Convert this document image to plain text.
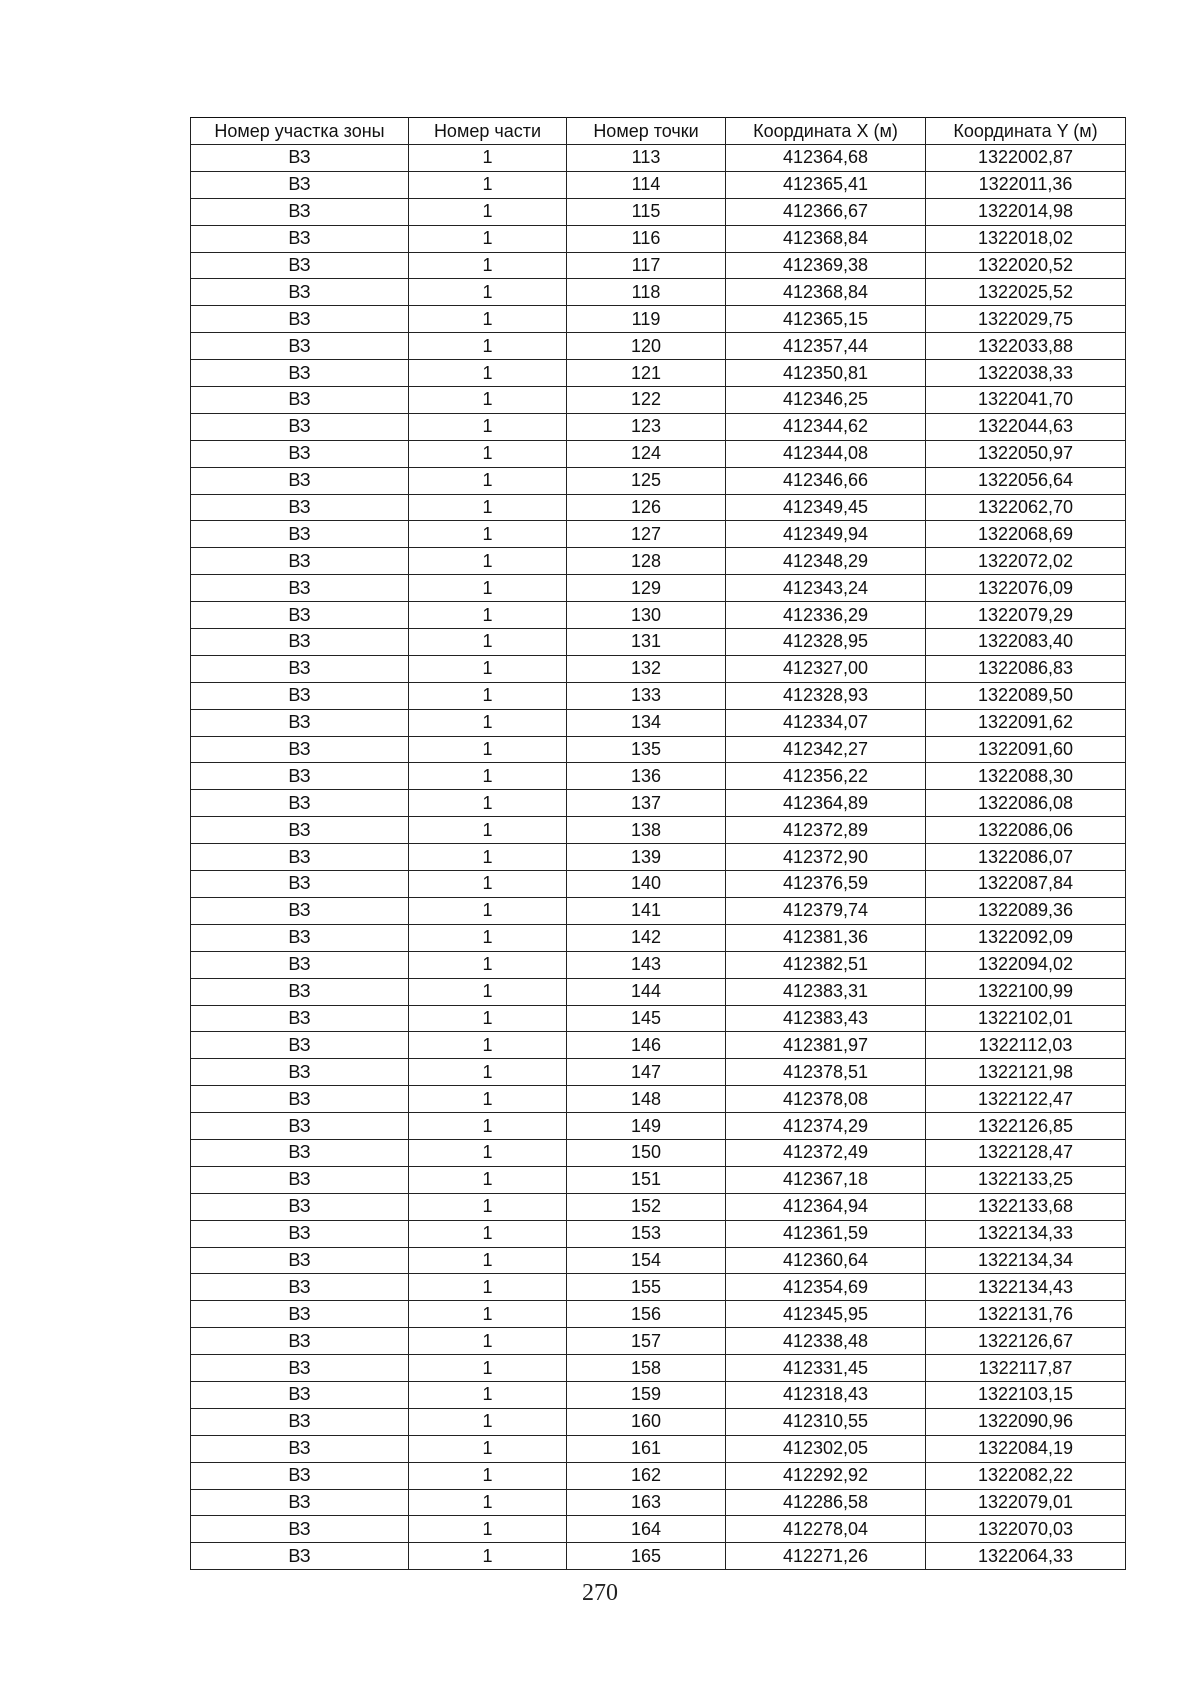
Номер участка зоны	Номер части	Номер точки	Координата X (м)	Координата Y (м)
ВЗ	1	113	412364,68	1322002,87
ВЗ	1	114	412365,41	1322011,36
ВЗ	1	115	412366,67	1322014,98
ВЗ	1	116	412368,84	1322018,02
ВЗ	1	117	412369,38	1322020,52
ВЗ	1	118	412368,84	1322025,52
ВЗ	1	119	412365,15	1322029,75
ВЗ	1	120	412357,44	1322033,88
ВЗ	1	121	412350,81	1322038,33
ВЗ	1	122	412346,25	1322041,70
ВЗ	1	123	412344,62	1322044,63
ВЗ	1	124	412344,08	1322050,97
ВЗ	1	125	412346,66	1322056,64
ВЗ	1	126	412349,45	1322062,70
ВЗ	1	127	412349,94	1322068,69
ВЗ	1	128	412348,29	1322072,02
ВЗ	1	129	412343,24	1322076,09
ВЗ	1	130	412336,29	1322079,29
ВЗ	1	131	412328,95	1322083,40
ВЗ	1	132	412327,00	1322086,83
ВЗ	1	133	412328,93	1322089,50
ВЗ	1	134	412334,07	1322091,62
ВЗ	1	135	412342,27	1322091,60
ВЗ	1	136	412356,22	1322088,30
ВЗ	1	137	412364,89	1322086,08
ВЗ	1	138	412372,89	1322086,06
ВЗ	1	139	412372,90	1322086,07
ВЗ	1	140	412376,59	1322087,84
ВЗ	1	141	412379,74	1322089,36
ВЗ	1	142	412381,36	1322092,09
ВЗ	1	143	412382,51	1322094,02
ВЗ	1	144	412383,31	1322100,99
ВЗ	1	145	412383,43	1322102,01
ВЗ	1	146	412381,97	1322112,03
ВЗ	1	147	412378,51	1322121,98
ВЗ	1	148	412378,08	1322122,47
ВЗ	1	149	412374,29	1322126,85
ВЗ	1	150	412372,49	1322128,47
ВЗ	1	151	412367,18	1322133,25
ВЗ	1	152	412364,94	1322133,68
ВЗ	1	153	412361,59	1322134,33
ВЗ	1	154	412360,64	1322134,34
ВЗ	1	155	412354,69	1322134,43
ВЗ	1	156	412345,95	1322131,76
ВЗ	1	157	412338,48	1322126,67
ВЗ	1	158	412331,45	1322117,87
ВЗ	1	159	412318,43	1322103,15
ВЗ	1	160	412310,55	1322090,96
ВЗ	1	161	412302,05	1322084,19
ВЗ	1	162	412292,92	1322082,22
ВЗ	1	163	412286,58	1322079,01
ВЗ	1	164	412278,04	1322070,03
ВЗ	1	165	412271,26	1322064,33
270
